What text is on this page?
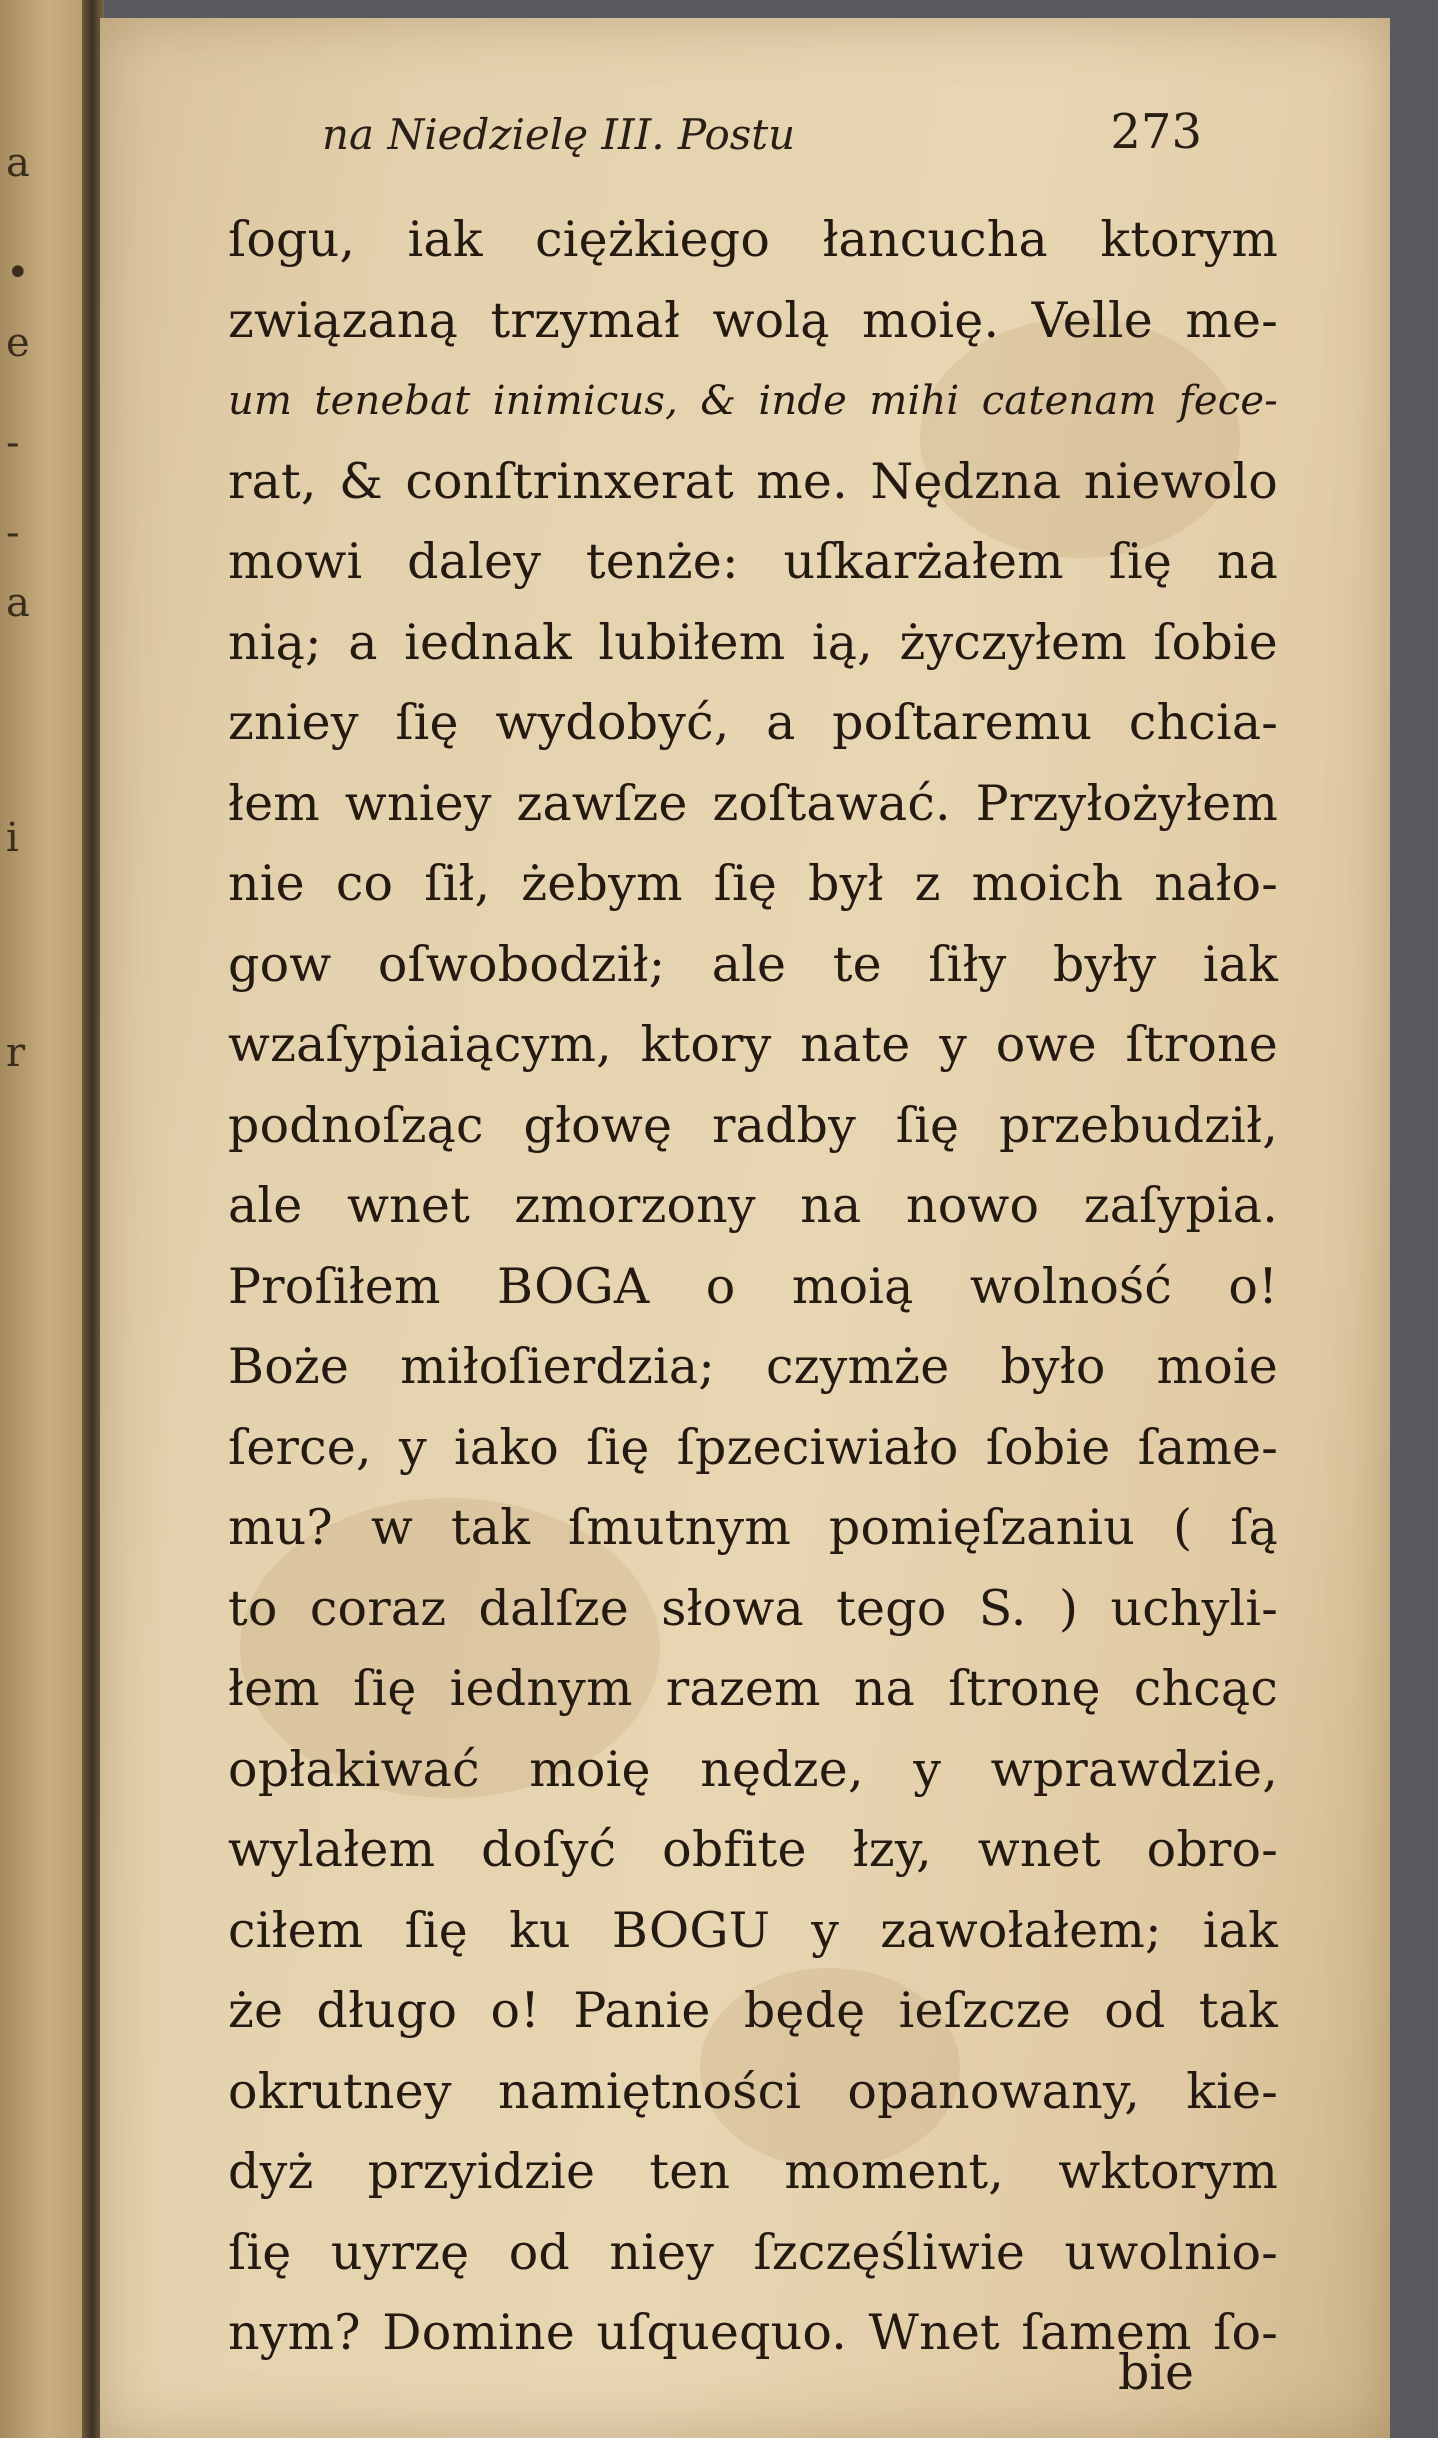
a
•
e
-
-
a
i
r
na Niedzielę III. Postu	273
ſogu, iak ciężkiego łancucha ktorym
związaną trzymał wolą moię. Velle me-
um tenebat inimicus, & inde mihi catenam fece-
rat, & conſtrinxerat me. Nędzna niewolo
mowi daley tenże: uſkarżałem ſię na
nią; a iednak lubiłem ią, życzyłem ſobie
zniey ſię wydobyć, a poſtaremu chcia-
łem wniey zawſze zoſtawać. Przyłożyłem
nie co ſił, żebym ſię był z moich nało-
gow oſwobodził; ale te ſiły były iak
wzaſypiaiącym, ktory nate y owe ſtrone
podnoſząc głowę radby ſię przebudził,
ale wnet zmorzony na nowo zaſypia.
Proſiłem BOGA o moią wolność o!
Boże miłoſierdzia; czymże było moie
ſerce, y iako ſię ſpzeciwiało ſobie ſame-
mu? w tak ſmutnym pomięſzaniu ( ſą
to coraz dalſze słowa tego S. ) uchyli-
łem ſię iednym razem na ſtronę chcąc
opłakiwać moię nędze, y wprawdzie,
wylałem doſyć obfite łzy, wnet obro-
ciłem ſię ku BOGU y zawołałem; iak
że długo o! Panie będę ieſzcze od tak
okrutney namiętności opanowany, kie-
dyż przyidzie ten moment, wktorym
ſię uyrzę od niey ſzczęśliwie uwolnio-
nym? Domine uſquequo. Wnet ſamem ſo-
bie
